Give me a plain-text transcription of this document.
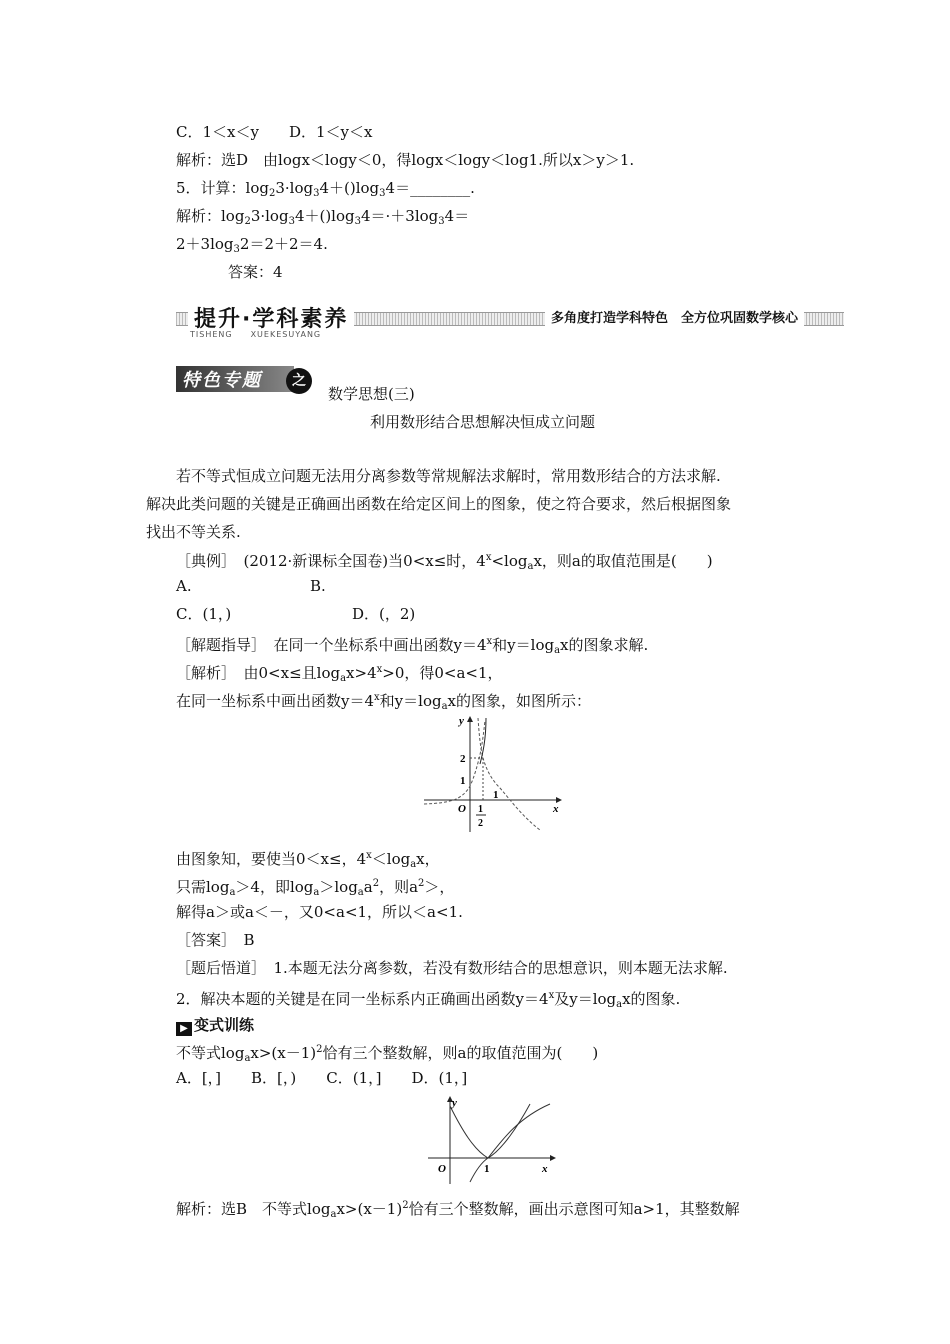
C．1＜x＜y　　D．1＜y＜x
解析：选D　由logx＜logy＜0，得logx＜logy＜log1.所以x＞y＞1.
5．计算：$\log_23\cdot\log_34+()\log_34=\_\_\_\_\_\_\_\_$.
解析：$\log_23\cdot\log_34+()\log_34=\cdot+3\log_34=$
$2+3\log_32=2+2=4$.
答案：4
提升·学科素养
TISHENG　　XUEKESUYANG
多角度打造学科特色　全方位巩固数学核心
特色专题	之
数学思想(三)
利用数形结合思想解决恒成立问题
若不等式恒成立问题无法用分离参数等常规解法求解时，常用数形结合的方法求解.
解决此类问题的关键是正确画出函数在给定区间上的图象，使之符合要求，然后根据图象
找出不等关系.
［典例］　(2012·新课标全国卷)当0<x≤时，$4^x<\log_ax$，则a的取值范围是(　　)
A.	B.
C．(1，)	D．(，2)
［解题指导］　在同一个坐标系中画出函数$y=4^x$和$y=\log_ax$的图象求解.
［解析］　由0<x≤且$\log_ax>4^x>0$，得0<a<1，
在同一坐标系中画出函数$y=4^x$和$y=\log_ax$的图象，如图所示：
y
x
O
2
1
1
2
1
由图象知，要使当0＜x≤，$4^x<\log_ax$，
只需$\log_a>4$，即$\log_a>\log_aa^2$，则$a^2>$，
解得a＞或a＜－，又0<a<1，所以＜a<1.
［答案］　B
［题后悟道］　1.本题无法分离参数，若没有数形结合的思想意识，则本题无法求解.
2．解决本题的关键是在同一坐标系内正确画出函数$y=4^x$及$y=\log_ax$的图象.
▶ 变式训练
不等式$\log_ax>(x-1)^2$恰有三个整数解，则a的取值范围为(　　)
A．[，]　　B．[，)　　C．(1，]　　D．(1，]
y
x
O	1
解析：选B　不等式$\log_ax>(x-1)^2$恰有三个整数解，画出示意图可知a>1，其整数解
